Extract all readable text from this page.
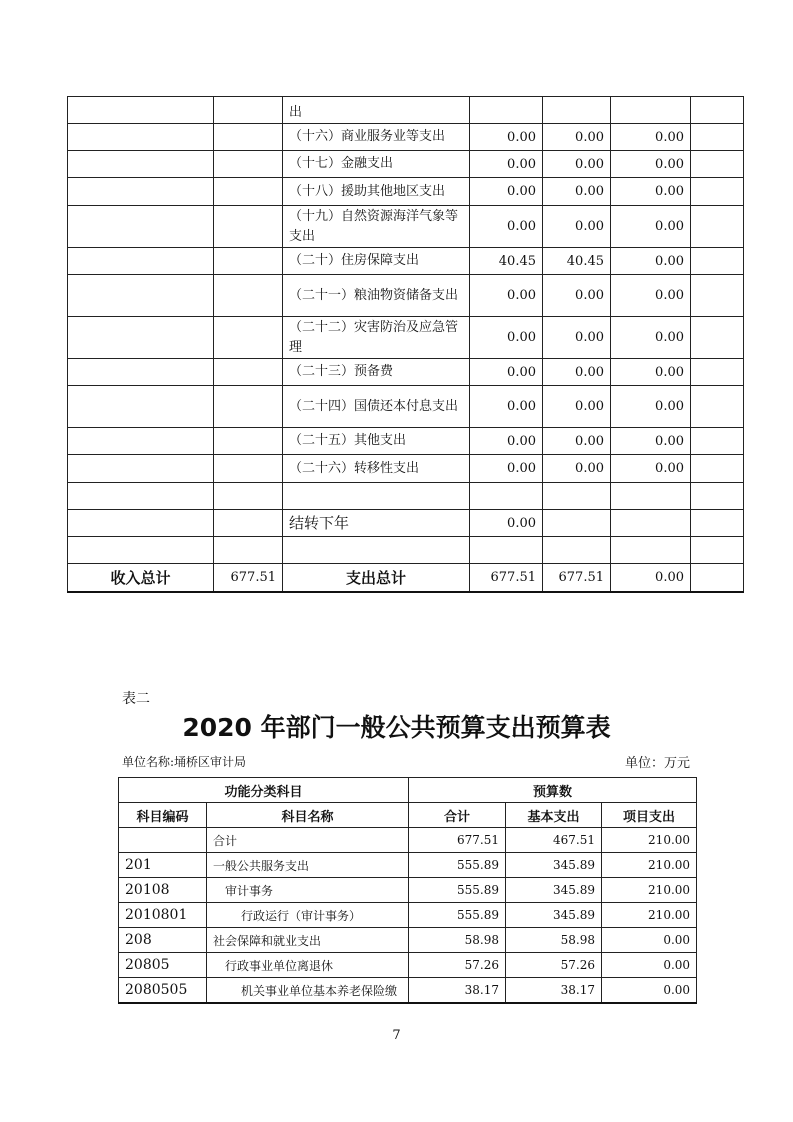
		出				
		（十六）商业服务业等支出	0.00	0.00	0.00	
		（十七）金融支出	0.00	0.00	0.00	
		（十八）援助其他地区支出	0.00	0.00	0.00	
		（十九）自然资源海洋气象等支出	0.00	0.00	0.00	
		（二十）住房保障支出	40.45	40.45	0.00	
		（二十一）粮油物资储备支出	0.00	0.00	0.00	
		（二十二）灾害防治及应急管理	0.00	0.00	0.00	
		（二十三）预备费	0.00	0.00	0.00	
		（二十四）国债还本付息支出	0.00	0.00	0.00	
		（二十五）其他支出	0.00	0.00	0.00	
		（二十六）转移性支出	0.00	0.00	0.00	

		结转下年	0.00			

收入总计	677.51	支出总计	677.51	677.51	0.00	
表二
2020 年部门一般公共预算支出预算表
单位名称:埇桥区审计局	单位：万元
功能分类科目		预算数		
科目编码	科目名称	合计	基本支出	项目支出
	合计	677.51	467.51	210.00
201	一般公共服务支出	555.89	345.89	210.00
20108	审计事务	555.89	345.89	210.00
2010801	行政运行（审计事务）	555.89	345.89	210.00
208	社会保障和就业支出	58.98	58.98	0.00
20805	行政事业单位离退休	57.26	57.26	0.00
2080505	机关事业单位基本养老保险缴	38.17	38.17	0.00
7
